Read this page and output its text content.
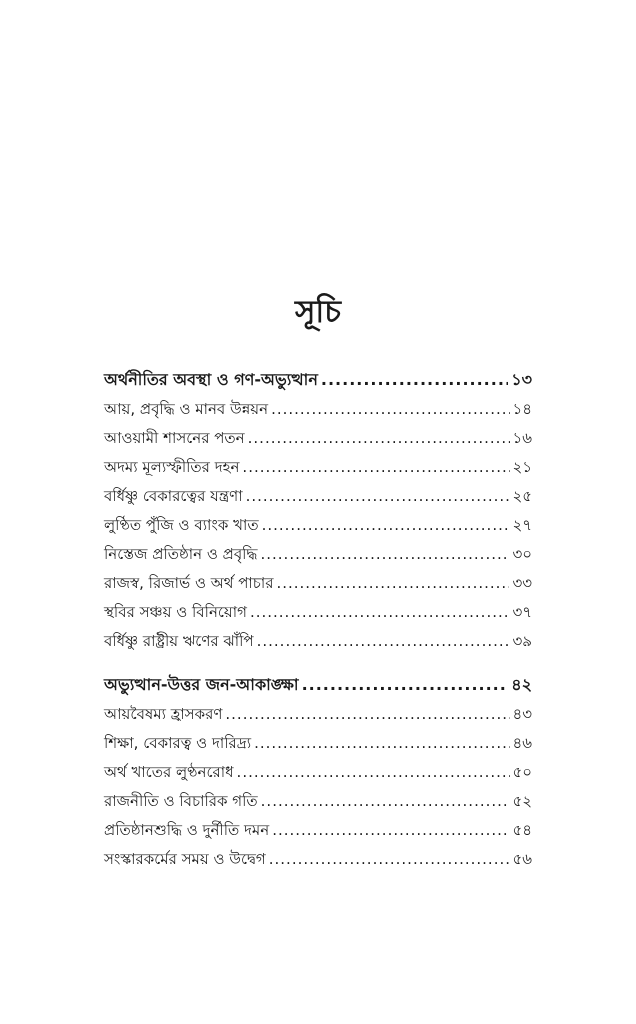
সূচি
অর্থনীতির অবস্থা ও গণ-অভ্যুত্থান .....	১৩
আয়, প্রবৃদ্ধি ও মানব উন্নয়ন .....	১৪
আওয়ামী শাসনের পতন .....	১৬
অদম্য মূল্যস্ফীতির দহন .....	২১
বর্ধিষ্ণু বেকারত্বের যন্ত্রণা .....	২৫
লুণ্ঠিত পুঁজি ও ব্যাংক খাত .....	২৭
নিস্তেজ প্রতিষ্ঠান ও প্রবৃদ্ধি .....	৩০
রাজস্ব, রিজার্ভ ও অর্থ পাচার .....	৩৩
স্থবির সঞ্চয় ও বিনিয়োগ .....	৩৭
বর্ধিষ্ণু রাষ্ট্রীয় ঋণের ঝাঁপি .....	৩৯
অভ্যুত্থান-উত্তর জন-আকাঙ্ক্ষা .....	৪২
আয়বৈষম্য হ্রাসকরণ .....	৪৩
শিক্ষা, বেকারত্ব ও দারিদ্র্য .....	৪৬
অর্থ খাতের লুণ্ঠনরোধ .....	৫০
রাজনীতি ও বিচারিক গতি .....	৫২
প্রতিষ্ঠানশুদ্ধি ও দুর্নীতি দমন .....	৫৪
সংস্কারকর্মের সময় ও উদ্বেগ .....	৫৬
